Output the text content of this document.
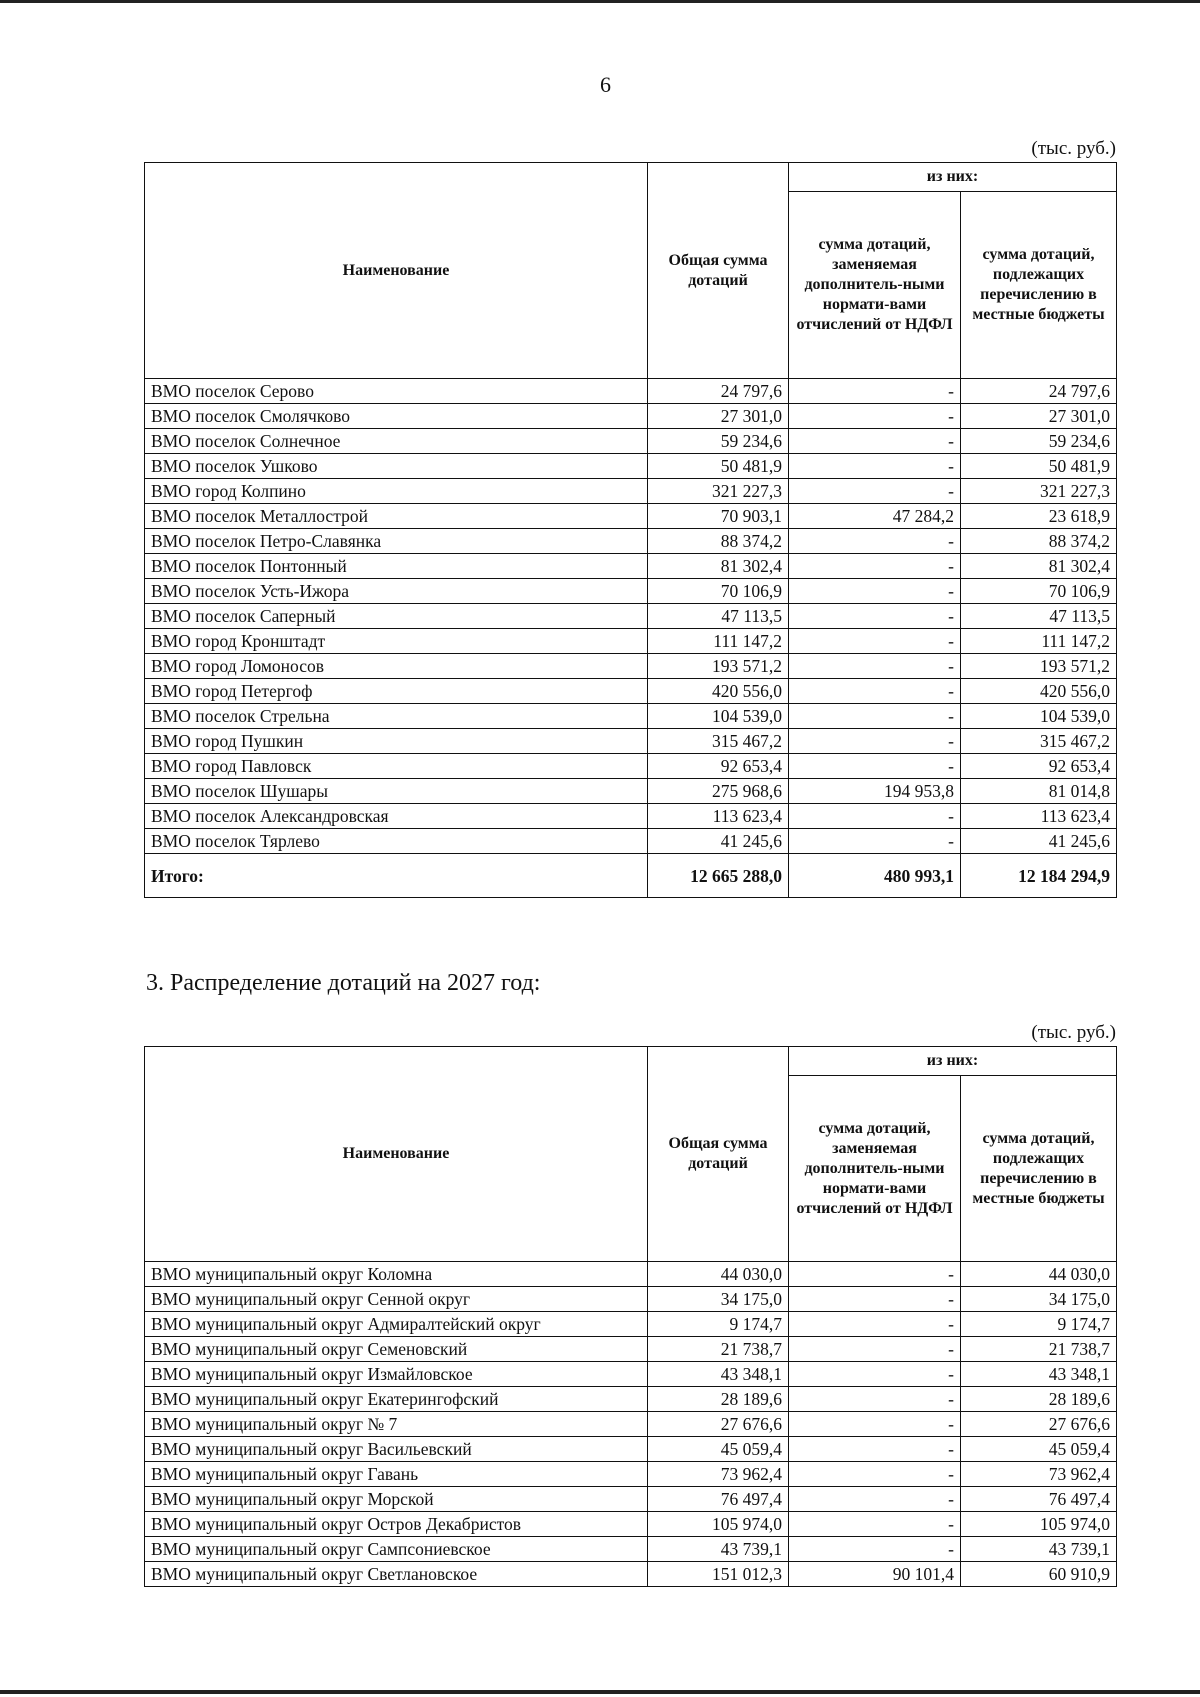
6
(тыс. руб.)
Наименование	Общая сумма дотаций	из них:	
		сумма дотаций, заменяемая дополнитель-ными нормати-вами отчислений от НДФЛ	сумма дотаций, подлежащих перечислению в местные бюджеты
ВМО поселок Серово	24 797,6	-	24 797,6
ВМО поселок Смолячково	27 301,0	-	27 301,0
ВМО поселок Солнечное	59 234,6	-	59 234,6
ВМО поселок Ушково	50 481,9	-	50 481,9
ВМО город Колпино	321 227,3	-	321 227,3
ВМО поселок Металлострой	70 903,1	47 284,2	23 618,9
ВМО поселок Петро-Славянка	88 374,2	-	88 374,2
ВМО поселок Понтонный	81 302,4	-	81 302,4
ВМО поселок Усть-Ижора	70 106,9	-	70 106,9
ВМО поселок Саперный	47 113,5	-	47 113,5
ВМО город Кронштадт	111 147,2	-	111 147,2
ВМО город Ломоносов	193 571,2	-	193 571,2
ВМО город Петергоф	420 556,0	-	420 556,0
ВМО поселок Стрельна	104 539,0	-	104 539,0
ВМО город Пушкин	315 467,2	-	315 467,2
ВМО город Павловск	92 653,4	-	92 653,4
ВМО поселок Шушары	275 968,6	194 953,8	81 014,8
ВМО поселок Александровская	113 623,4	-	113 623,4
ВМО поселок Тярлево	41 245,6	-	41 245,6
Итого:	12 665 288,0	480 993,1	12 184 294,9
3. Распределение дотаций на 2027 год:
(тыс. руб.)
Наименование	Общая сумма дотаций	из них:	
		сумма дотаций, заменяемая дополнитель-ными нормати-вами отчислений от НДФЛ	сумма дотаций, подлежащих перечислению в местные бюджеты
ВМО муниципальный округ Коломна	44 030,0	-	44 030,0
ВМО муниципальный округ Сенной округ	34 175,0	-	34 175,0
ВМО муниципальный округ Адмиралтейский округ	9 174,7	-	9 174,7
ВМО муниципальный округ Семеновский	21 738,7	-	21 738,7
ВМО муниципальный округ Измайловское	43 348,1	-	43 348,1
ВМО муниципальный округ Екатерингофский	28 189,6	-	28 189,6
ВМО муниципальный округ № 7	27 676,6	-	27 676,6
ВМО муниципальный округ Васильевский	45 059,4	-	45 059,4
ВМО муниципальный округ Гавань	73 962,4	-	73 962,4
ВМО муниципальный округ Морской	76 497,4	-	76 497,4
ВМО муниципальный округ Остров Декабристов	105 974,0	-	105 974,0
ВМО муниципальный округ Сампсониевское	43 739,1	-	43 739,1
ВМО муниципальный округ Светлановское	151 012,3	90 101,4	60 910,9
